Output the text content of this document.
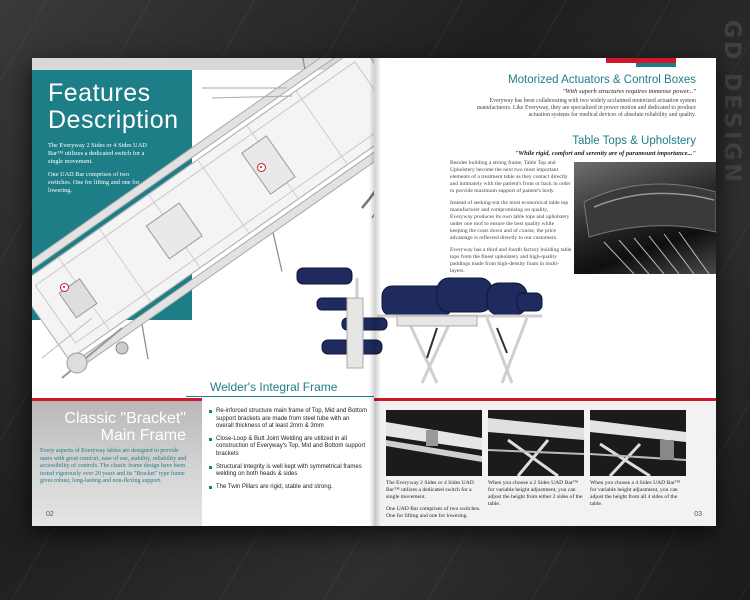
GD DESIGN
Features
Description

The Everyway 2 Sides or 4 Sides UAD Bar™ utilizes a dedicated switch for a single movement.

One UAD Bar comprises of two switches. One for lifting and one for lowering.

Welder's Integral Frame
Classic "Bracket"
Main Frame
Every aspects of Everyway tables are designed to provide users with great comfort, ease of use, stability, reliability and accessibility of controls. The classic frame design have been tested vigorously over 20 years and its "Bracket" type frame gives robust, long-lasting and non-flexing support.
Re-inforced structure main frame of Top, Mid and Bottom support brackets are made from steel tube with an overall thickness of at least 2mm & 3mm
Close-Loop & Butt Joint Welding are utilized in all construction of Everyway's Top, Mid and Bottom support brackets
Structural Integrity is well kept with symmetrical frames welding on both heads & sides
The Twin Pillars are rigid, stable and strong.
02
Motorized Actuators & Control Boxes
"With superb structures requires immense power..."
Everyway has been collaborating with two widely acclaimed motorized actuation system manufacturers. Like Everyway, they are specialized in power motion and dedicated to produce actuation systems for medical devices of absolute reliability and quality.
Table Tops & Upholstery
"While rigid, comfort and serenity are of paramount importance..."

Besides building a strong frame, Table Top and Upholstery become the next two most important elements of a treatment table as they contact directly and intimately with the patient's front or back in order to provide maximum support of patient's body.

Instead of seeking-out the most economical table top manufacturer and compromising on quality, Everyway produces its own table tops and upholstery under one roof to ensure the best quality while keeping the costs down and of course, the price advantage is reflected directly to our customers.

Everyway has a third and fourth factory building table tops from the finest upholstery and high-quality paddings made from high-density foam in multi-layers.

The Everyway 2 Sides or 4 Sides UAD Bar™ utilizes a dedicated switch for a single movement.

One UAD Bar comprises of two switches. One for lifting and one for lowering.

When you choose a 2 Sides UAD Bar™ for variable height adjustment, you can adjust the height from either 2 sides of the table.

When you choose a 4 Sides UAD Bar™ for variable height adjustment, you can adjust the height from all 4 sides of the table.

03
